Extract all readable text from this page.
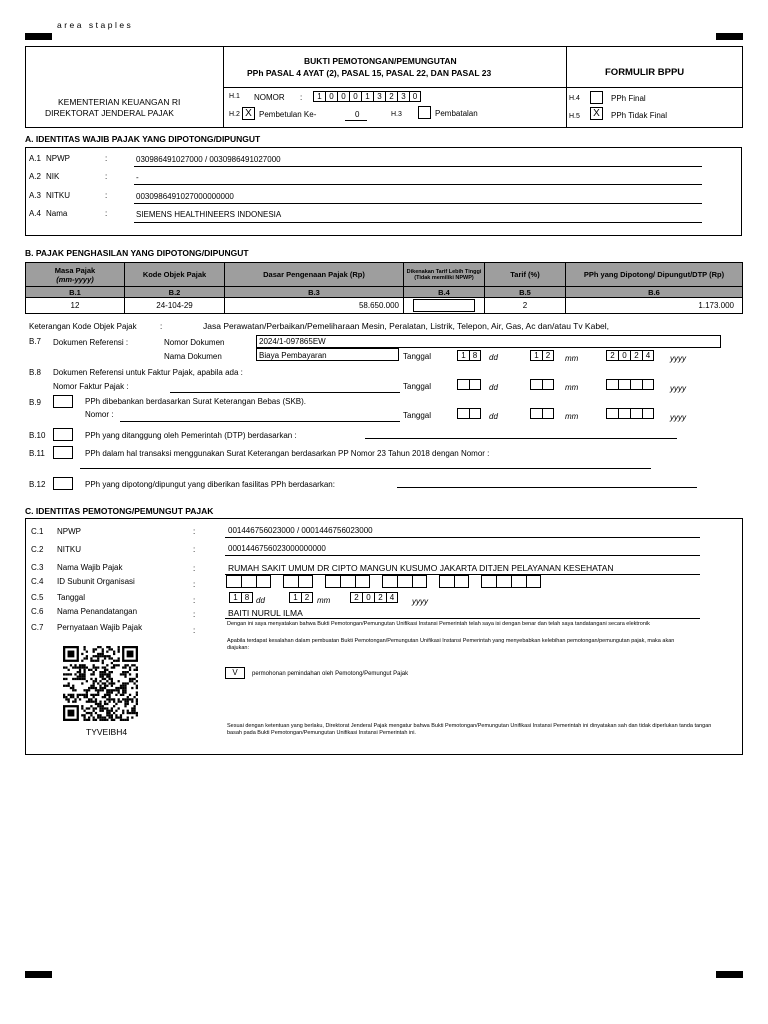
area staples
KEMENTERIAN KEUANGAN RI
DIREKTORAT JENDERAL PAJAK
BUKTI PEMOTONGAN/PEMUNGUTAN
PPh PASAL 4 AYAT (2), PASAL 15, PASAL 22, DAN PASAL 23	FORMULIR BPPU
H.1 NOMOR :	1 0 0 0 1 3 2 3 0
H.2 X Pembetulan Ke-	0	H.3	Pembatalan
H.4	PPh Final
H.5	X	PPh Tidak Final
A. IDENTITAS WAJIB PAJAK YANG DIPOTONG/DIPUNGUT
A.1 NPWP	:	030986491027000 / 0030986491027000
A.2 NIK	:	-
A.3 NITKU	:	0030986491027000000000
A.4 Nama	:	SIEMENS HEALTHINEERS INDONESIA
B. PAJAK PENGHASILAN YANG DIPOTONG/DIPUNGUT
Masa Pajak
(mm-yyyy)	Kode Objek Pajak	Dasar Pengenaan Pajak (Rp)	Dikenakan Tarif Lebih Tinggi (Tidak memiliki NPWP)	Tarif (%)	PPh yang Dipotong/ Dipungut/DTP (Rp)
B.1	B.2	B.3	B.4	B.5	B.6
12	24-104-29	58.650.000		2	1.173.000
Keterangan Kode Objek Pajak	:	Jasa Perawatan/Perbaikan/Pemeliharaan Mesin, Peralatan, Listrik, Telepon, Air, Gas, Ac dan/atau Tv Kabel,
B.7 Dokumen Referensi :	Nomor Dokumen	2024/1-097865EW
Nama Dokumen	Biaya Pembayaran	Tanggal	1 8	dd	1 2	mm	2 0 2 4	yyyy
B.8 Dokumen Referensi untuk Faktur Pajak, apabila ada :
Nomor Faktur Pajak :	Tanggal	dd	mm	yyyy
B.9	PPh dibebankan berdasarkan Surat Keterangan Bebas (SKB).
Nomor :	Tanggal	dd	mm	yyyy
B.10	PPh yang ditanggung oleh Pemerintah (DTP) berdasarkan :
B.11	PPh dalam hal transaksi menggunakan Surat Keterangan berdasarkan PP Nomor 23 Tahun 2018 dengan Nomor :
B.12	PPh yang dipotong/dipungut yang diberikan fasilitas PPh berdasarkan:
C. IDENTITAS PEMOTONG/PEMUNGUT PAJAK
C.1 NPWP	:	001446756023000 / 0001446756023000
C.2 NITKU	:	0001446756023000000000
C.3 Nama Wajib Pajak	:	RUMAH SAKIT UMUM DR CIPTO MANGUN KUSUMO JAKARTA DITJEN PELAYANAN KESEHATAN
C.4 ID Subunit Organisasi	:
C.5 Tanggal	:	1 8 dd	1 2 mm	2 0 2 4	yyyy
C.6 Nama Penandatangan	:	BAITI NURUL ILMA
C.7 Pernyataan Wajib Pajak	:
Dengan ini saya menyatakan bahwa Bukti Pemotongan/Pemungutan Unifikasi Instansi Pemerintah telah saya isi dengan benar dan telah saya tandatangani secara elektronik
Apabila terdapat kesalahan dalam pembuatan Bukti Pemotongan/Pemungutan Unifikasi Instansi Pemerintah yang menyebabkan kelebihan pemotongan/pemungutan pajak, maka akan diajukan:
V	permohonan pemindahan oleh Pemotong/Pemungut Pajak
TYVEIBH4
Sesuai dengan ketentuan yang berlaku, Direktorat Jenderal Pajak mengatur bahwa Bukti Pemotongan/Pemungutan Unifikasi Instansi Pemerintah ini dinyatakan sah dan tidak diperlukan tanda tangan basah pada Bukti Pemotongan/Pemungutan Unifikasi Instansi Pemerintah ini.
